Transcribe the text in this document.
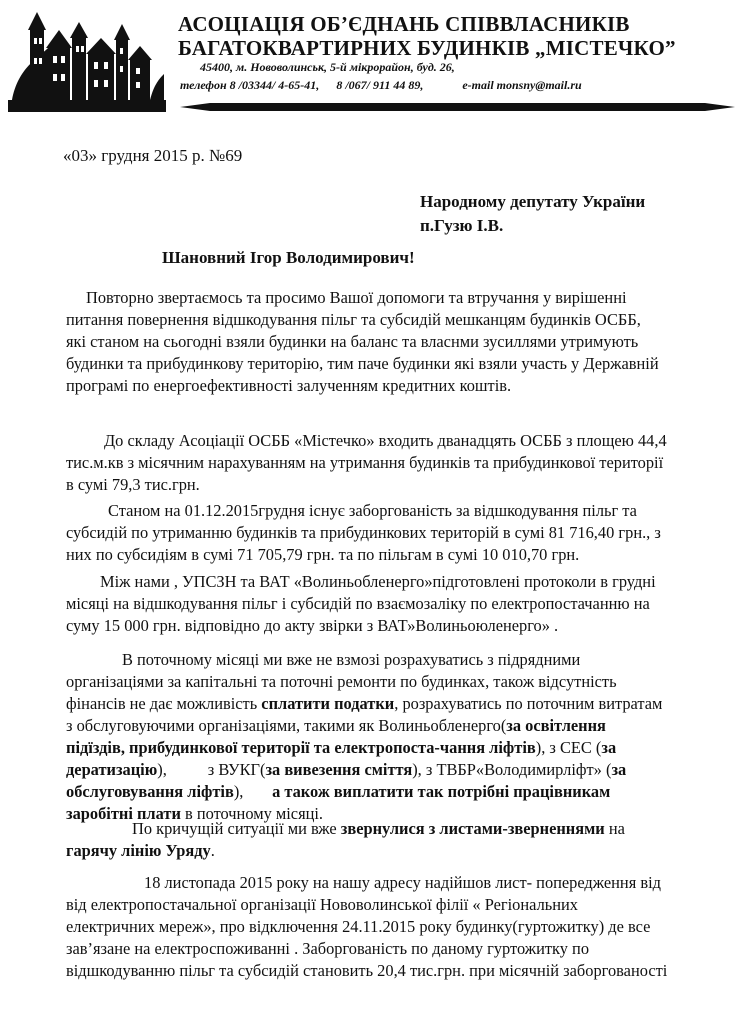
АСОЦІАЦІЯ ОБ’ЄДНАНЬ СПІВВЛАСНИКІВ
БАГАТОКВАРТИРНИХ БУДИНКІВ „МІСТЕЧКО”
45400, м. Нововолинськ, 5-й мікрорайон, буд. 26,
телефон 8 /03344/ 4-65-41, 8 /067/ 911 44 89,	e-mail monsny@mail.ru
«03» грудня 2015 р. №69
Народному депутату України
п.Гузю І.В.
Шановний Ігор Володимирович!
Повторно звертаємось та просимо Вашої допомоги та втручання у вирішенні
питання повернення відшкодування пільг та субсидій мешканцям будинків ОСББ,
які станом на сьогодні взяли будинки на баланс та власнми зусиллями утримують
будинки та прибудинкову територію, тим паче будинки які взяли участь у Державній
програмі по енергоефективності залученням кредитних коштів.
До складу Асоціації ОСББ «Містечко» входить дванадцять ОСББ з площею 44,4
тис.м.кв з місячним нарахуванням на утримання будинків та прибудинкової території
в сумі 79,3 тис.грн.
Станом на 01.12.2015грудня існує заборгованість за відшкодування пільг та
субсидій по утриманню будинків та прибудинкових територій в сумі 81 716,40 грн., з
них по субсидіям в сумі 71 705,79 грн. та по пільгам в сумі 10 010,70 грн.
Між нами , УПСЗН та ВАТ «Волиньобленерго»підготовлені протоколи в грудні
місяці на відшкодування пільг і субсидій по взаємозаліку по електропостачанню на
суму 15 000 грн. відповідно до акту звірки з ВАТ»Волиньоюленерго» .
В поточному місяці ми вже не взмозі розрахуватись з підрядними
організаціями за капітальні та поточні ремонти по будинках, також відсутність
фінансів не дає можливість сплатити податки, розрахуватись по поточним витратам
з обслуговуючими організаціями, такими як Волиньобленерго(за освітлення
підїздів, прибудинкової території та електропоста-чання ліфтів), з СЕС (за
дератизацію),          з ВУКГ(за вивезення сміття), з ТВБР«Володимирліфт» (за
обслуговування ліфтів),       а також виплатити так потрібні працівникам
заробітні плати в поточному місяці.
По кричущій ситуації ми вже звернулися з листами-зверненнями на
гарячу лінію Уряду.
18 листопада 2015 року на нашу адресу надійшов лист- попередження від
від електропостачальної організації Нововолинської філії « Регіональних
електричних мереж», про відключення 24.11.2015 року будинку(гуртожитку) де все
зав’язане на електроспоживанні . Заборгованість по даному гуртожитку по
відшкодуванню пільг та субсидій становить 20,4 тис.грн. при місячній заборгованості
